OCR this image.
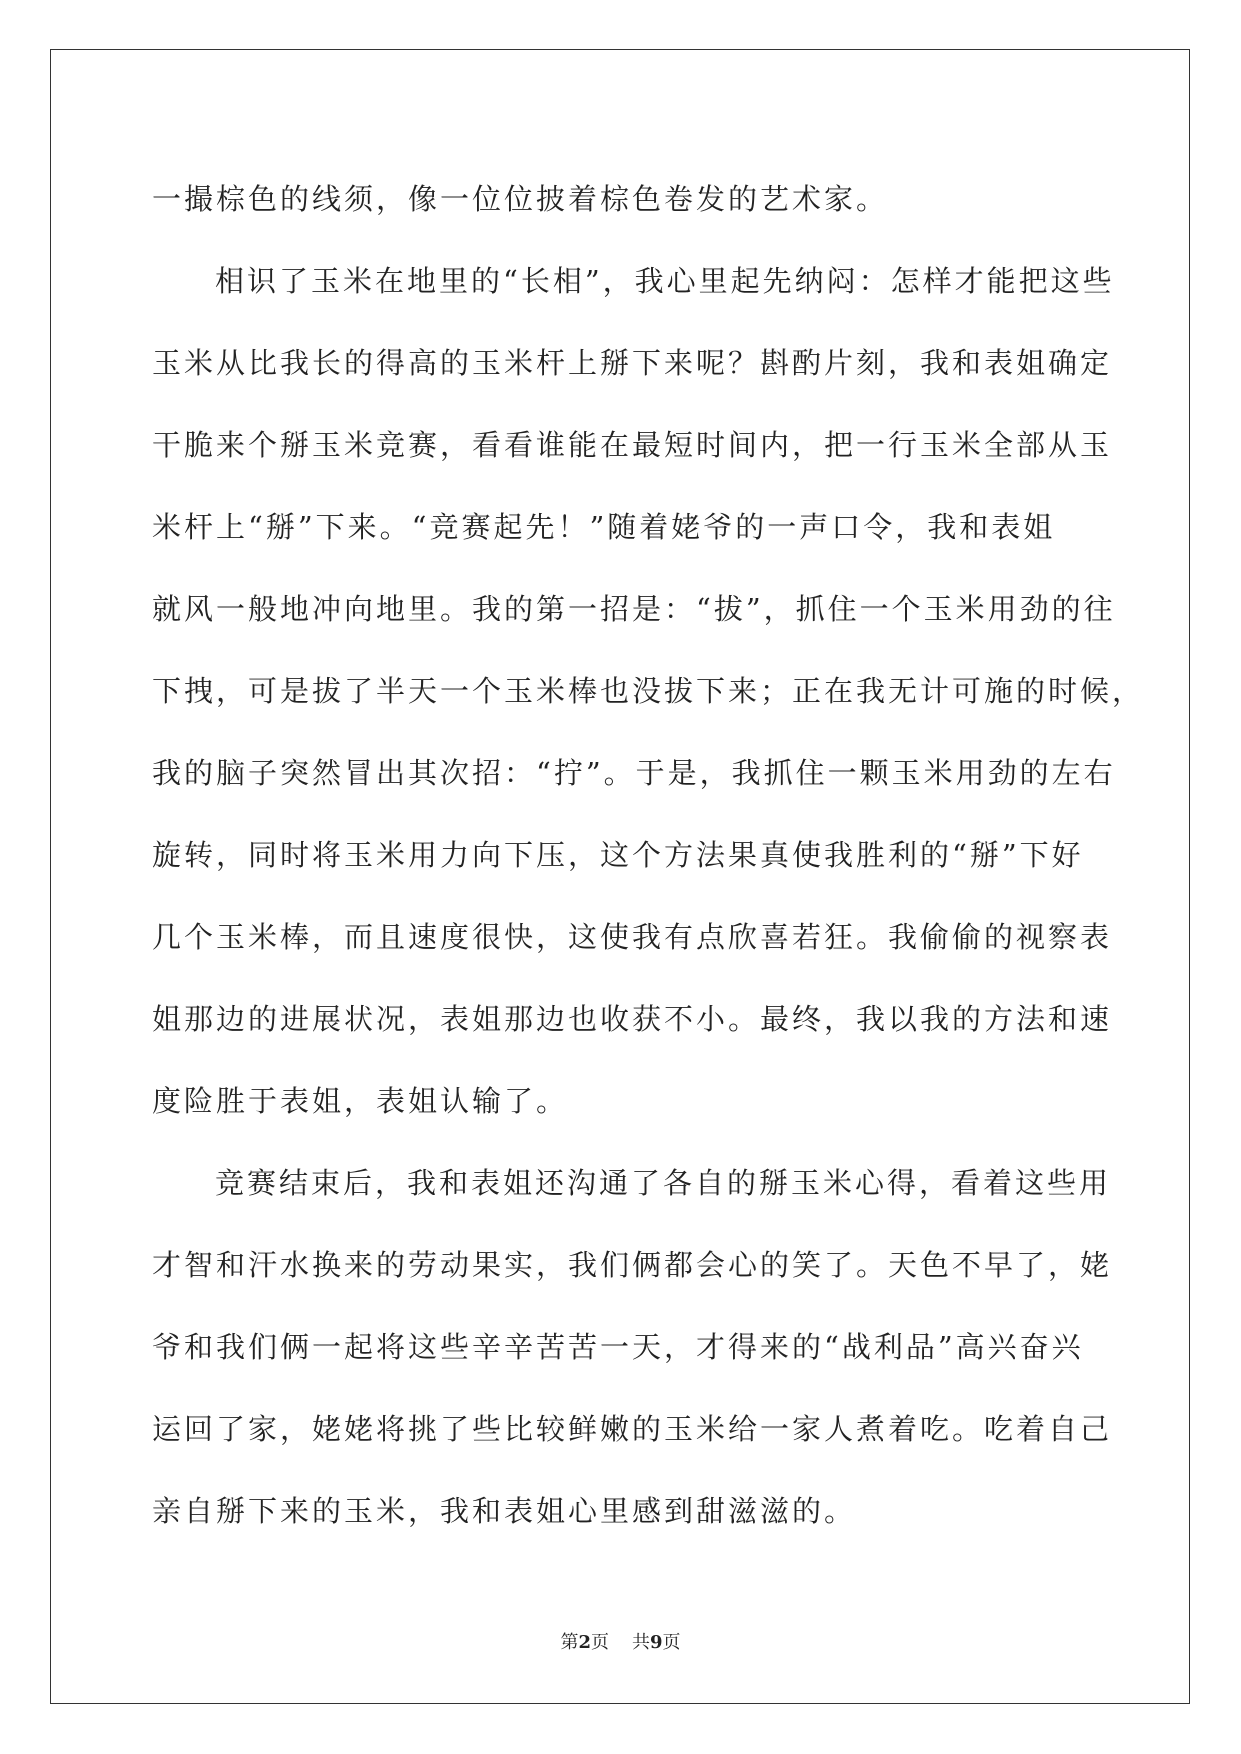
一撮棕色的线须，像一位位披着棕色卷发的艺术家。
相识了玉米在地里的“长相”，我心里起先纳闷：怎样才能把这些
玉米从比我长的得高的玉米杆上掰下来呢？斟酌片刻，我和表姐确定
干脆来个掰玉米竞赛，看看谁能在最短时间内，把一行玉米全部从玉
米杆上“掰”下来。“竞赛起先！”随着姥爷的一声口令，我和表姐
就风一般地冲向地里。我的第一招是：“拔”，抓住一个玉米用劲的往
下拽，可是拔了半天一个玉米棒也没拔下来；正在我无计可施的时候，
我的脑子突然冒出其次招：“拧”。于是，我抓住一颗玉米用劲的左右
旋转，同时将玉米用力向下压，这个方法果真使我胜利的“掰”下好
几个玉米棒，而且速度很快，这使我有点欣喜若狂。我偷偷的视察表
姐那边的进展状况，表姐那边也收获不小。最终，我以我的方法和速
度险胜于表姐，表姐认输了。
竞赛结束后，我和表姐还沟通了各自的掰玉米心得，看着这些用
才智和汗水换来的劳动果实，我们俩都会心的笑了。天色不早了，姥
爷和我们俩一起将这些辛辛苦苦一天，才得来的“战利品”高兴奋兴
运回了家，姥姥将挑了些比较鲜嫩的玉米给一家人煮着吃。吃着自己
亲自掰下来的玉米，我和表姐心里感到甜滋滋的。
第2页 共9页
